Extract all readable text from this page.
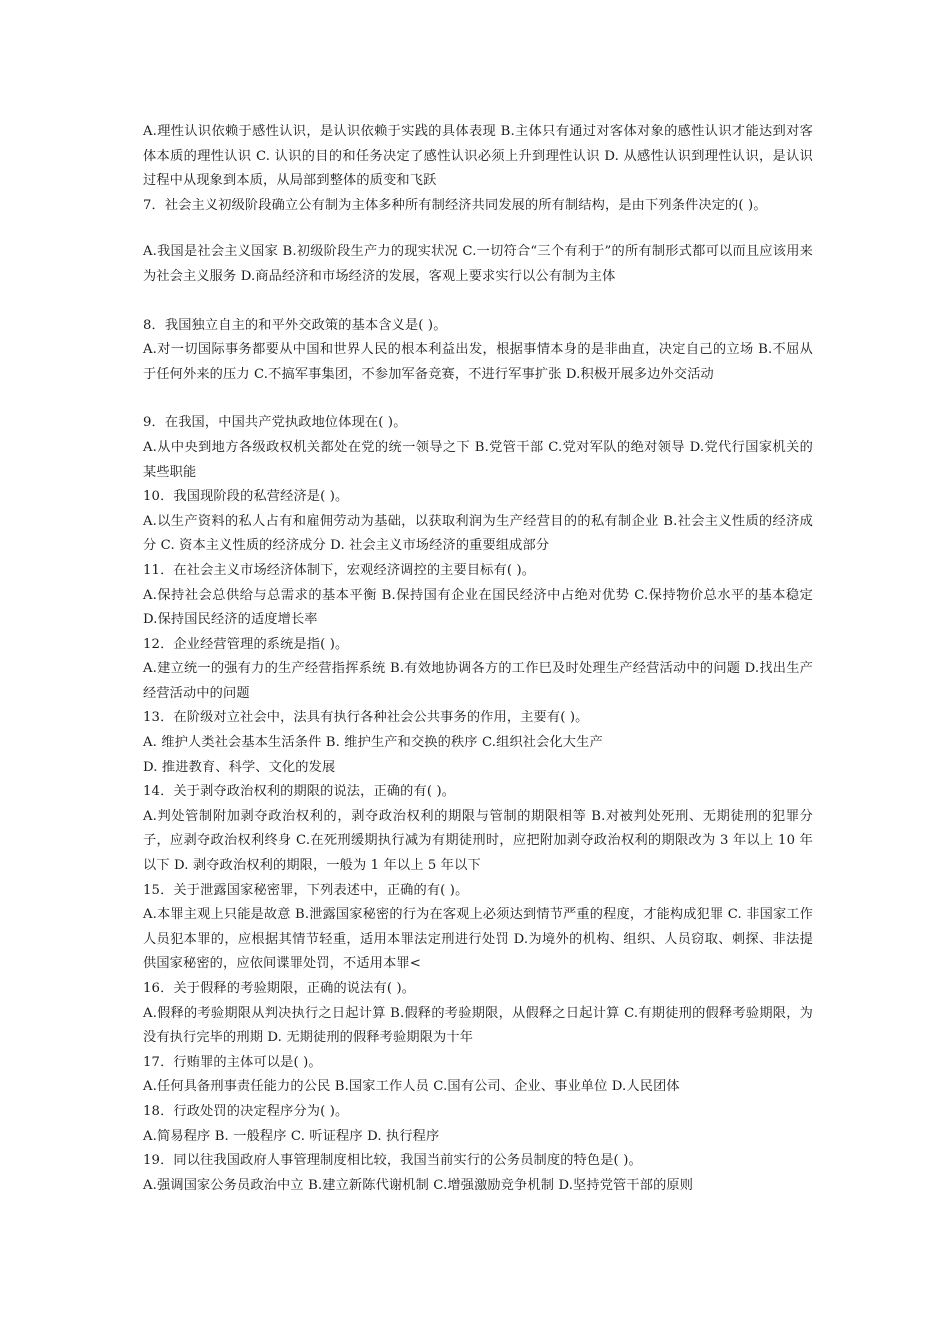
A.理性认识依赖于感性认识，是认识依赖于实践的具体表现 B.主体只有通过对客体对象的感性认识才能达到对客体本质的理性认识 C. 认识的目的和任务决定了感性认识必须上升到理性认识 D. 从感性认识到理性认识，是认识过程中从现象到本质，从局部到整体的质变和飞跃

7．社会主义初级阶段确立公有制为主体多种所有制经济共同发展的所有制结构，是由下列条件决定的( )。

A.我国是社会主义国家 B.初级阶段生产力的现实状况 C.一切符合“三个有利于”的所有制形式都可以而且应该用来为社会主义服务 D.商品经济和市场经济的发展，客观上要求实行以公有制为主体

8．我国独立自主的和平外交政策的基本含义是( )。

A.对一切国际事务都要从中国和世界人民的根本利益出发，根据事情本身的是非曲直，决定自己的立场 B.不屈从于任何外来的压力 C.不搞军事集团，不参加军备竞赛，不进行军事扩张 D.积极开展多边外交活动

9．在我国，中国共产党执政地位体现在( )。

A.从中央到地方各级政权机关都处在党的统一领导之下 B.党管干部 C.党对军队的绝对领导 D.党代行国家机关的某些职能

10．我国现阶段的私营经济是( )。

A.以生产资料的私人占有和雇佣劳动为基础，以获取利润为生产经营目的的私有制企业 B.社会主义性质的经济成分 C. 资本主义性质的经济成分 D. 社会主义市场经济的重要组成部分

11．在社会主义市场经济体制下，宏观经济调控的主要目标有( )。

A.保持社会总供给与总需求的基本平衡 B.保持国有企业在国民经济中占绝对优势 C.保持物价总水平的基本稳定 D.保持国民经济的适度增长率

12．企业经营管理的系统是指( )。

A.建立统一的强有力的生产经营指挥系统 B.有效地协调各方的工作巳及时处理生产经营活动中的问题 D.找出生产经营活动中的问题

13．在阶级对立社会中，法具有执行各种社会公共事务的作用，主要有( )。

A. 维护人类社会基本生活条件 B. 维护生产和交换的秩序 C.组织社会化大生产

D. 推进教育、科学、文化的发展

14．关于剥夺政治权利的期限的说法，正确的有( )。

A.判处管制附加剥夺政治权利的，剥夺政治权利的期限与管制的期限相等 B.对被判处死刑、无期徒刑的犯罪分子，应剥夺政治权利终身 C.在死刑缓期执行减为有期徒刑时，应把附加剥夺政治权利的期限改为 3 年以上 10 年以下 D. 剥夺政治权利的期限，一般为 1 年以上 5 年以下

15．关于泄露国家秘密罪，下列表述中，正确的有( )。

A.本罪主观上只能是故意 B.泄露国家秘密的行为在客观上必须达到情节严重的程度，才能构成犯罪 C. 非国家工作人员犯本罪的，应根据其情节轻重，适用本罪法定刑进行处罚 D.为境外的机构、组织、人员窃取、刺探、非法提供国家秘密的，应依间谍罪处罚，不适用本罪<

16．关于假释的考验期限，正确的说法有( )。

A.假释的考验期限从判决执行之日起计算 B.假释的考验期限，从假释之日起计算 C.有期徒刑的假释考验期限，为没有执行完毕的刑期 D. 无期徒刑的假释考验期限为十年

17．行贿罪的主体可以是( )。

A.任何具备刑事责任能力的公民 B.国家工作人员 C.国有公司、企业、事业单位 D.人民团体

18．行政处罚的决定程序分为( )。

A.简易程序 B. 一般程序 C. 听证程序 D. 执行程序

19．同以往我国政府人事管理制度相比较，我国当前实行的公务员制度的特色是( )。

A.强调国家公务员政治中立 B.建立新陈代谢机制 C.增强激励竞争机制 D.坚持党管干部的原则
